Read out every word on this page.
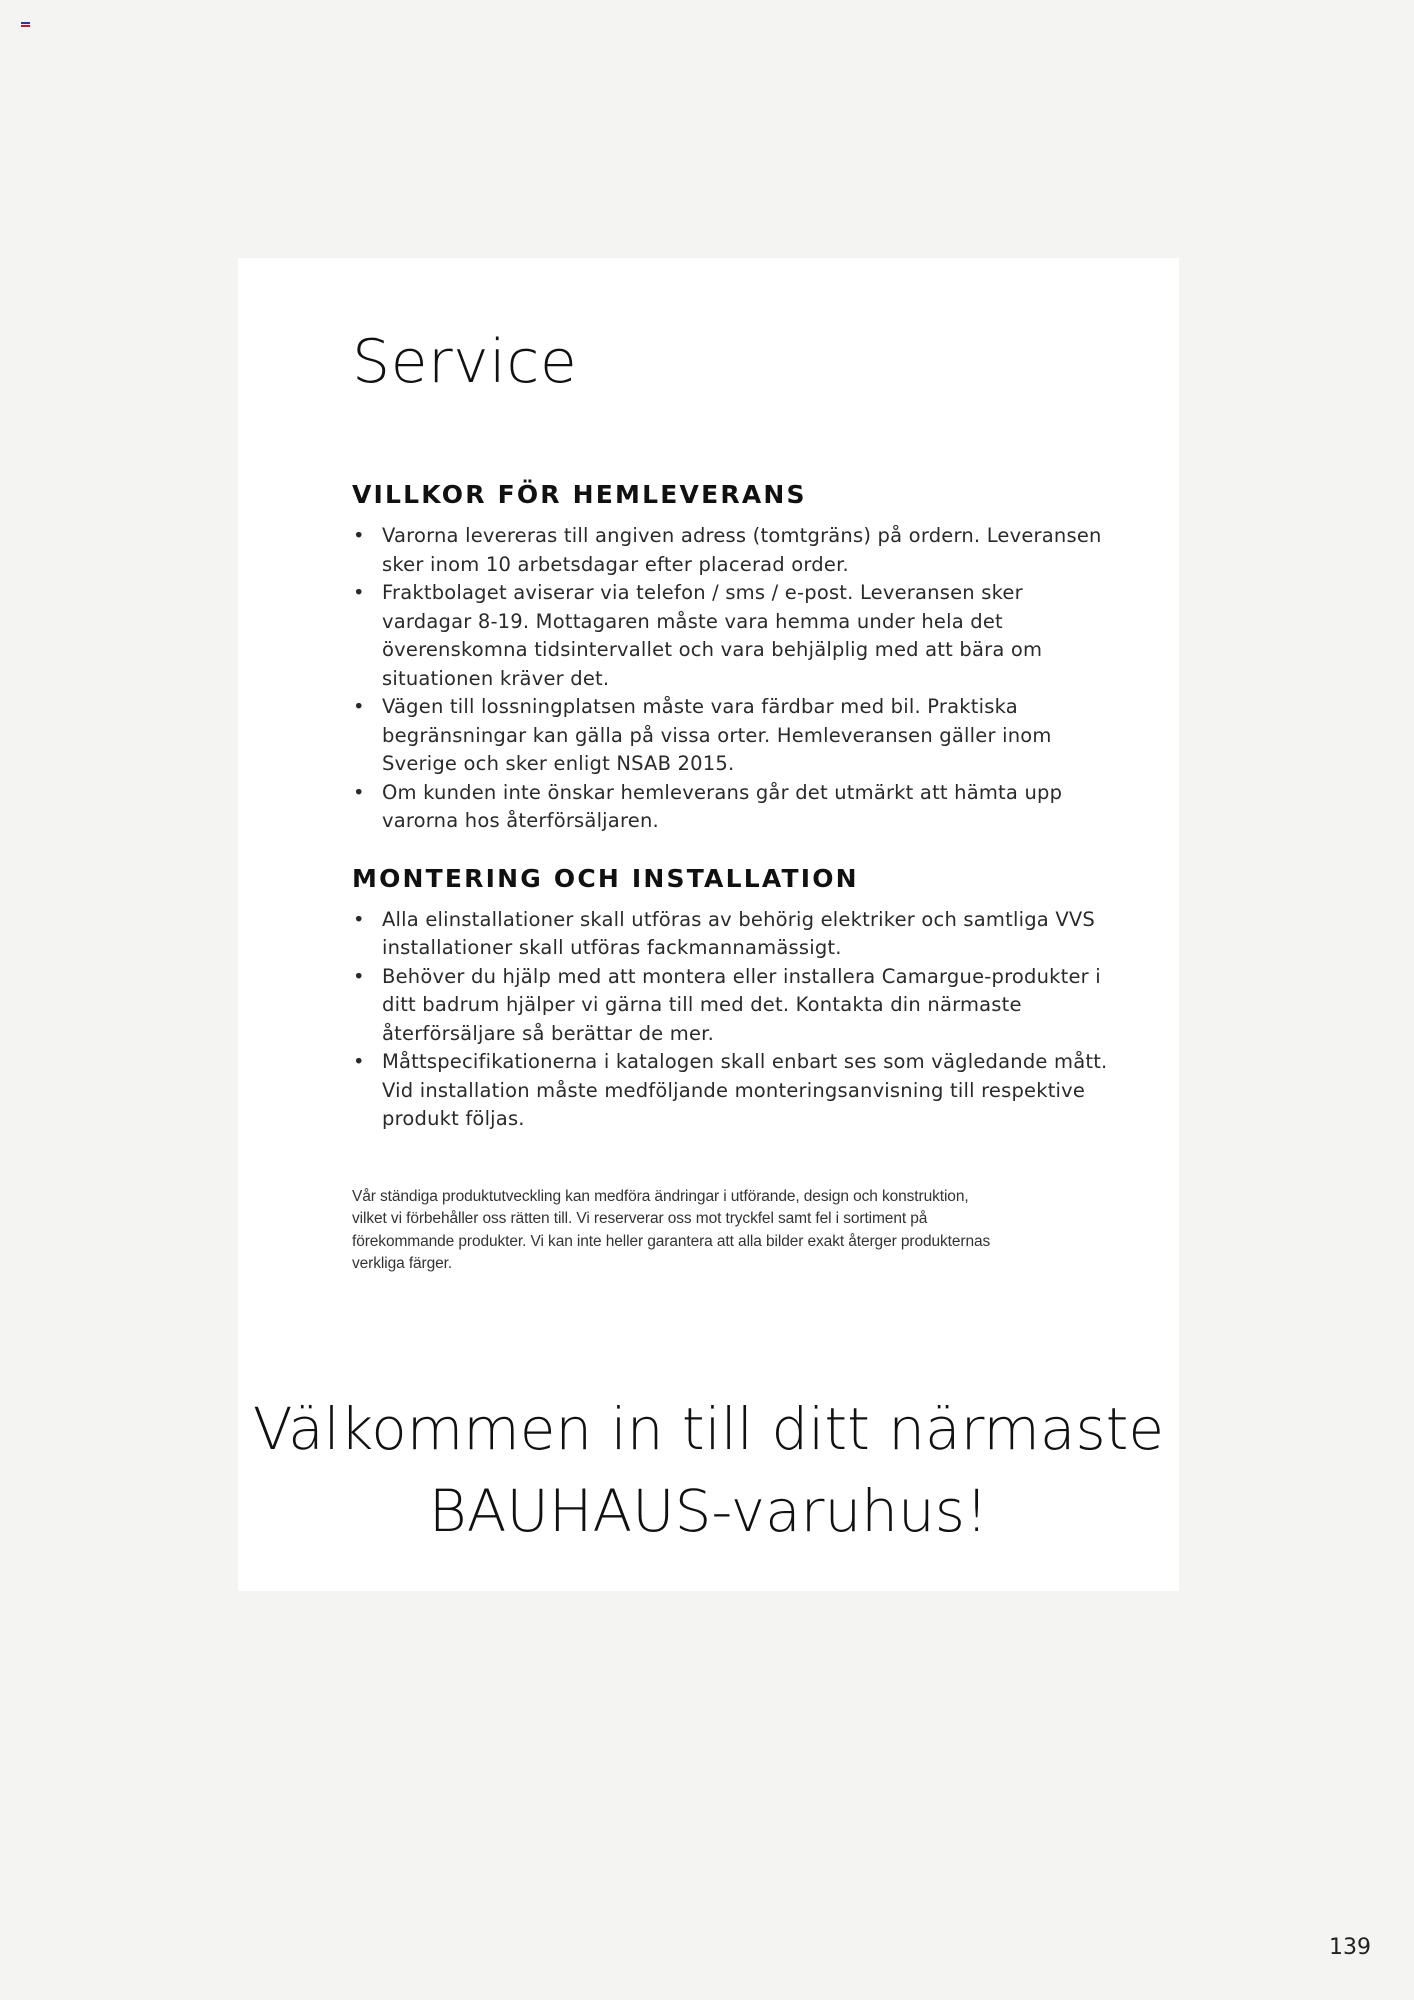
Service
VILLKOR FÖR HEMLEVERANS
• Varorna levereras till angiven adress (tomtgräns) på ordern. Leveransen sker inom 10 arbetsdagar efter placerad order.
• Fraktbolaget aviserar via telefon / sms / e-post. Leveransen sker vardagar 8-19. Mottagaren måste vara hemma under hela det överenskomna tidsintervallet och vara behjälplig med att bära om situationen kräver det.
• Vägen till lossningplatsen måste vara färdbar med bil. Praktiska begränsningar kan gälla på vissa orter. Hemleveransen gäller inom Sverige och sker enligt NSAB 2015.
• Om kunden inte önskar hemleverans går det utmärkt att hämta upp varorna hos återförsäljaren.
MONTERING OCH INSTALLATION
• Alla elinstallationer skall utföras av behörig elektriker och samtliga VVS installationer skall utföras fackmannamässigt.
• Behöver du hjälp med att montera eller installera Camargue-produkter i ditt badrum hjälper vi gärna till med det. Kontakta din närmaste återförsäljare så berättar de mer.
• Måttspecifikationerna i katalogen skall enbart ses som vägledande mått. Vid installation måste medföljande monteringsanvisning till respektive produkt följas.

Vår ständiga produktutveckling kan medföra ändringar i utförande, design och konstruktion, vilket vi förbehåller oss rätten till. Vi reserverar oss mot tryckfel samt fel i sortiment på förekommande produkter. Vi kan inte heller garantera att alla bilder exakt återger produkternas verkliga färger.

Välkommen in till ditt närmaste
BAUHAUS-varuhus!
139
